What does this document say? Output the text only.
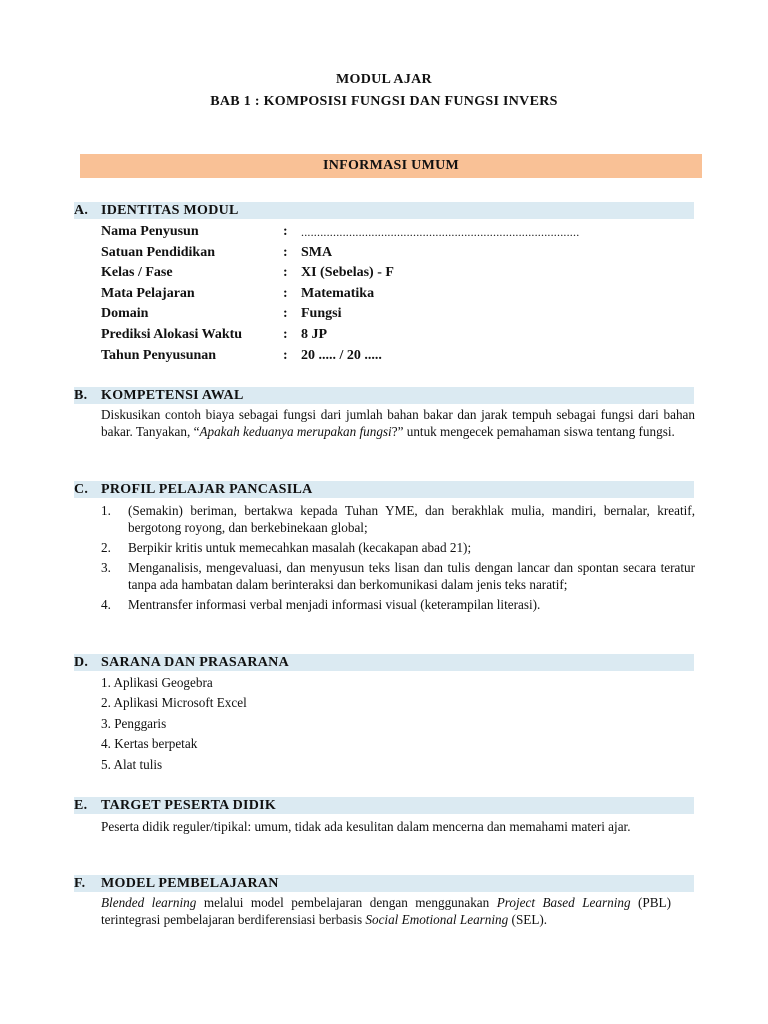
MODUL AJAR
BAB 1 : KOMPOSISI FUNGSI DAN FUNGSI INVERS
INFORMASI UMUM
A. IDENTITAS MODUL
Nama Penyusun	: .......................................................................................
Satuan Pendidikan	: SMA
Kelas / Fase	: XI (Sebelas) - F
Mata Pelajaran	: Matematika
Domain	: Fungsi
Prediksi Alokasi Waktu	: 8 JP
Tahun Penyusunan	: 20 ..... / 20 .....
B. KOMPETENSI AWAL
Diskusikan contoh biaya sebagai fungsi dari jumlah bahan bakar dan jarak tempuh sebagai fungsi dari bahan bakar. Tanyakan, “Apakah keduanya merupakan fungsi?” untuk mengecek pemahaman siswa tentang fungsi.
C. PROFIL PELAJAR PANCASILA
1. (Semakin) beriman, bertakwa kepada Tuhan YME, dan berakhlak mulia, mandiri, bernalar, kreatif, bergotong royong, dan berkebinekaan global;
2. Berpikir kritis untuk memecahkan masalah (kecakapan abad 21);
3. Menganalisis, mengevaluasi, dan menyusun teks lisan dan tulis dengan lancar dan spontan secara teratur tanpa ada hambatan dalam berinteraksi dan berkomunikasi dalam jenis teks naratif;
4. Mentransfer informasi verbal menjadi informasi visual (keterampilan literasi).
D. SARANA DAN PRASARANA
1. Aplikasi Geogebra
2. Aplikasi Microsoft Excel
3. Penggaris
4. Kertas berpetak
5. Alat tulis
E. TARGET PESERTA DIDIK
Peserta didik reguler/tipikal: umum, tidak ada kesulitan dalam mencerna dan memahami materi ajar.
F. MODEL PEMBELAJARAN
Blended learning melalui model pembelajaran dengan menggunakan Project Based Learning (PBL) terintegrasi pembelajaran berdiferensiasi berbasis Social Emotional Learning (SEL).
